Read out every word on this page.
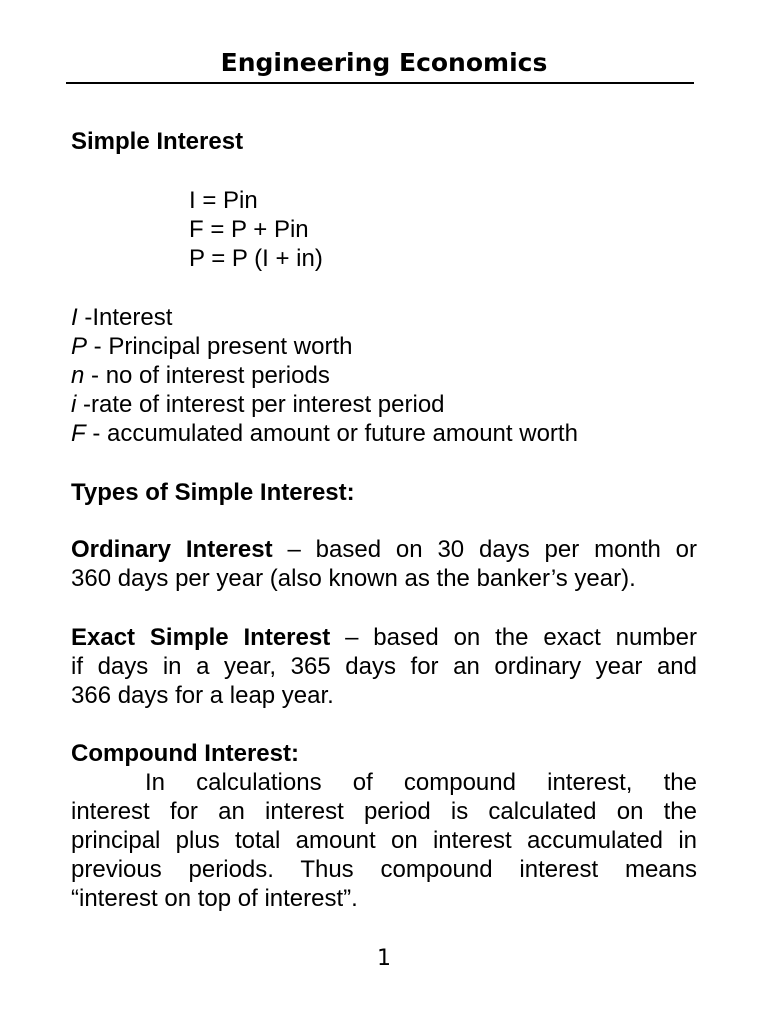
Engineering Economics
Simple Interest
I = Pin
F = P + Pin
P = P (I + in)
I -Interest
P - Principal present worth
n - no of interest periods
i -rate of interest per interest period
F - accumulated amount or future amount worth
Types of Simple Interest:
Ordinary Interest – based on 30 days per month or
360 days per year (also known as the banker’s year).
Exact Simple Interest – based on the exact number
if days in a year, 365 days for an ordinary year and
366 days for a leap year.
Compound Interest:
In calculations of compound interest, the
interest for an interest period is calculated on the
principal plus total amount on interest accumulated in
previous periods. Thus compound interest means
“interest on top of interest”.
1
